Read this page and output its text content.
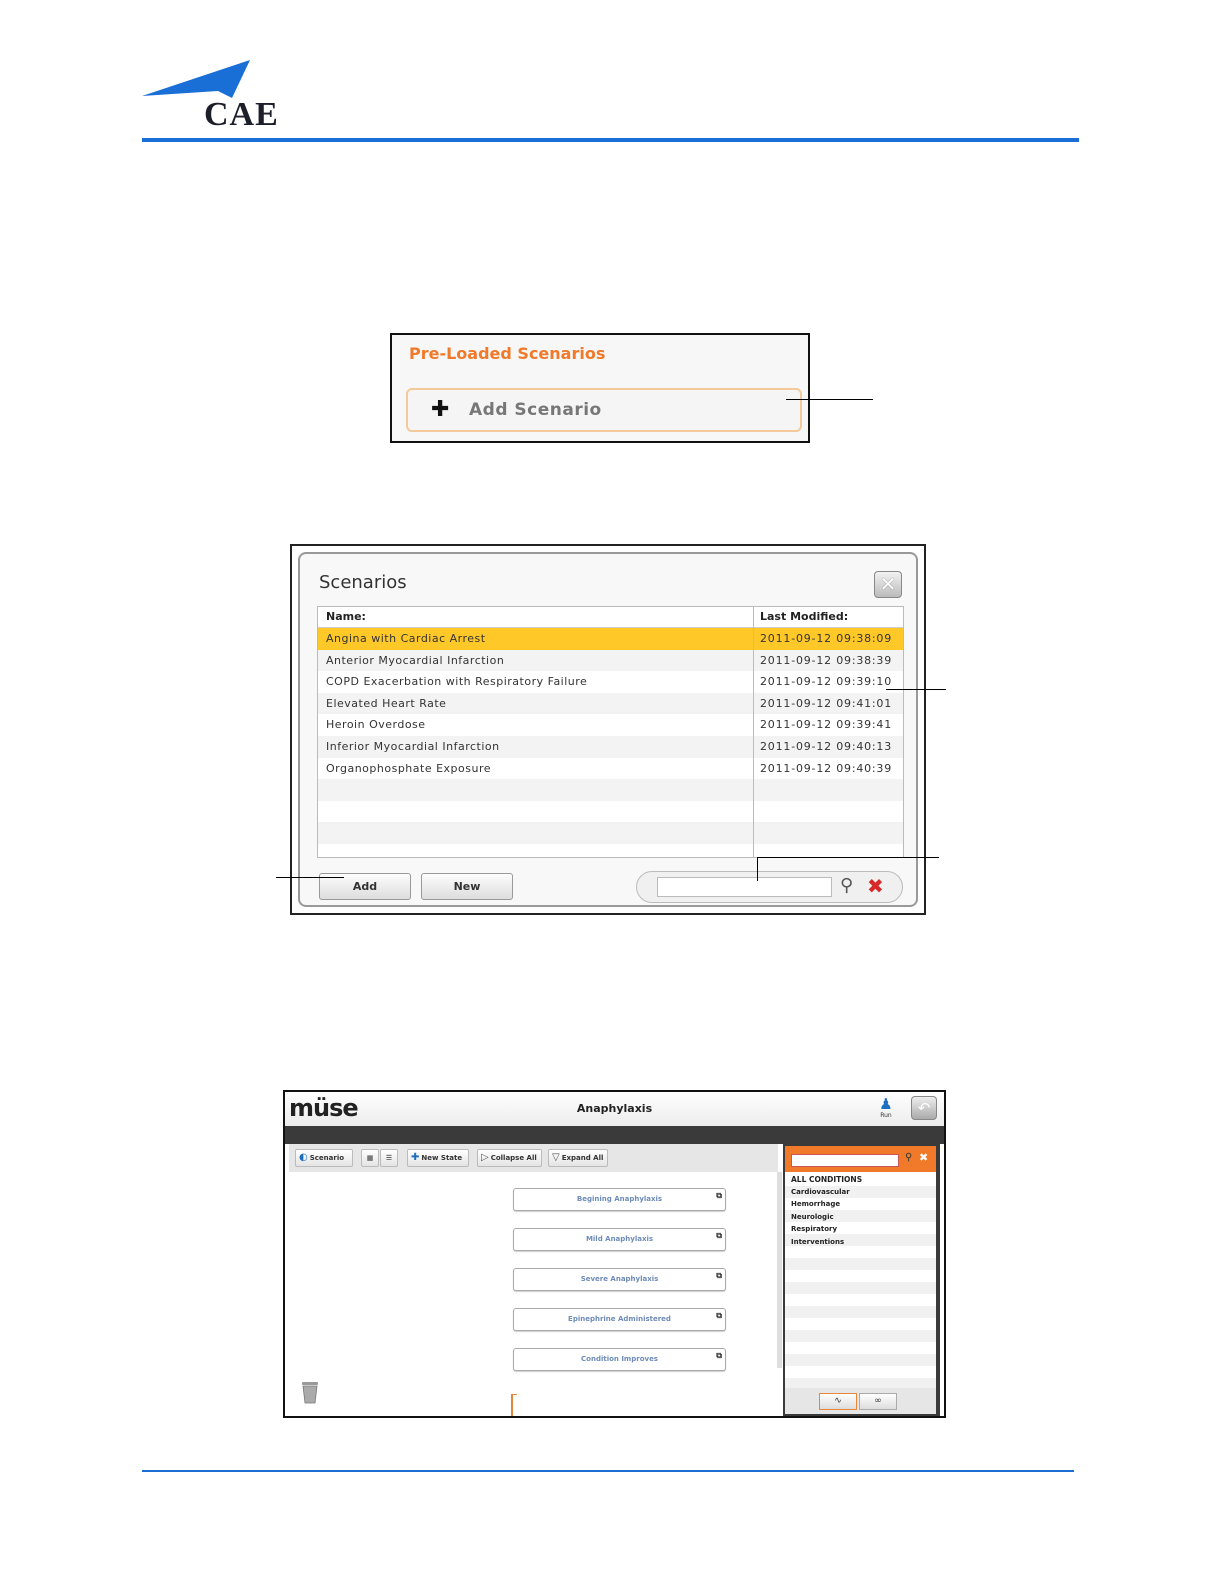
CAE
Pre-Loaded Scenarios
✚ Add Scenario
Scenarios	✕
Name:	Last Modified:
Angina with Cardiac Arrest	2011-09-12 09:38:09
Anterior Myocardial Infarction	2011-09-12 09:38:39
COPD Exacerbation with Respiratory Failure	2011-09-12 09:39:10
Elevated Heart Rate	2011-09-12 09:41:01
Heroin Overdose	2011-09-12 09:39:41
Inferior Myocardial Infarction	2011-09-12 09:40:13
Organophosphate Exposure	2011-09-12 09:40:39
Add	New	⚲ ✖
müse	Anaphylaxis	♟
Run	↶
◐ Scenario	▦	☰	✚ New State	▷ Collapse All	▽ Expand All
Begining Anaphylaxis	⧉
Mild Anaphylaxis	⧉
Severe Anaphylaxis	⧉
Epinephrine Administered	⧉
Condition Improves	⧉
⚲ ✖
ALL CONDITIONS
Cardiovascular
Hemorrhage
Neurologic
Respiratory
Interventions
∿	∞
